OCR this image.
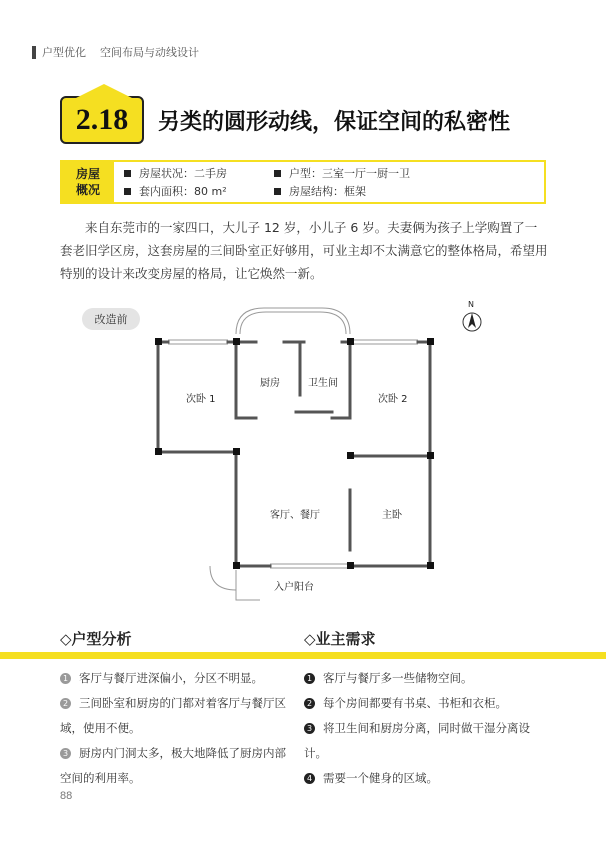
户型优化 空间布局与动线设计
2.18 另类的圆形动线，保证空间的私密性
房屋概况
房屋状况：二手房	户型：三室一厅一厨一卫
套内面积：80 m²	房屋结构：框架

来自东莞市的一家四口，大儿子 12 岁，小儿子 6 岁。夫妻俩为孩子上学购置了一套老旧学区房，这套房屋的三间卧室正好够用，可业主却不太满意它的整体格局，希望用特别的设计来改变房屋的格局，让它焕然一新。

改造前
N
次卧 1
厨房	卫生间
次卧 2
客厅、餐厅	主卧
入户阳台
◇户型分析	◇业主需求
1 客厅与餐厅进深偏小，分区不明显。
2 三间卧室和厨房的门都对着客厅与餐厅区域，使用不便。
3 厨房内门洞太多，极大地降低了厨房内部空间的利用率。
1 客厅与餐厅多一些储物空间。
2 每个房间都要有书桌、书柜和衣柜。
3 将卫生间和厨房分离，同时做干湿分离设计。
4 需要一个健身的区域。
88
